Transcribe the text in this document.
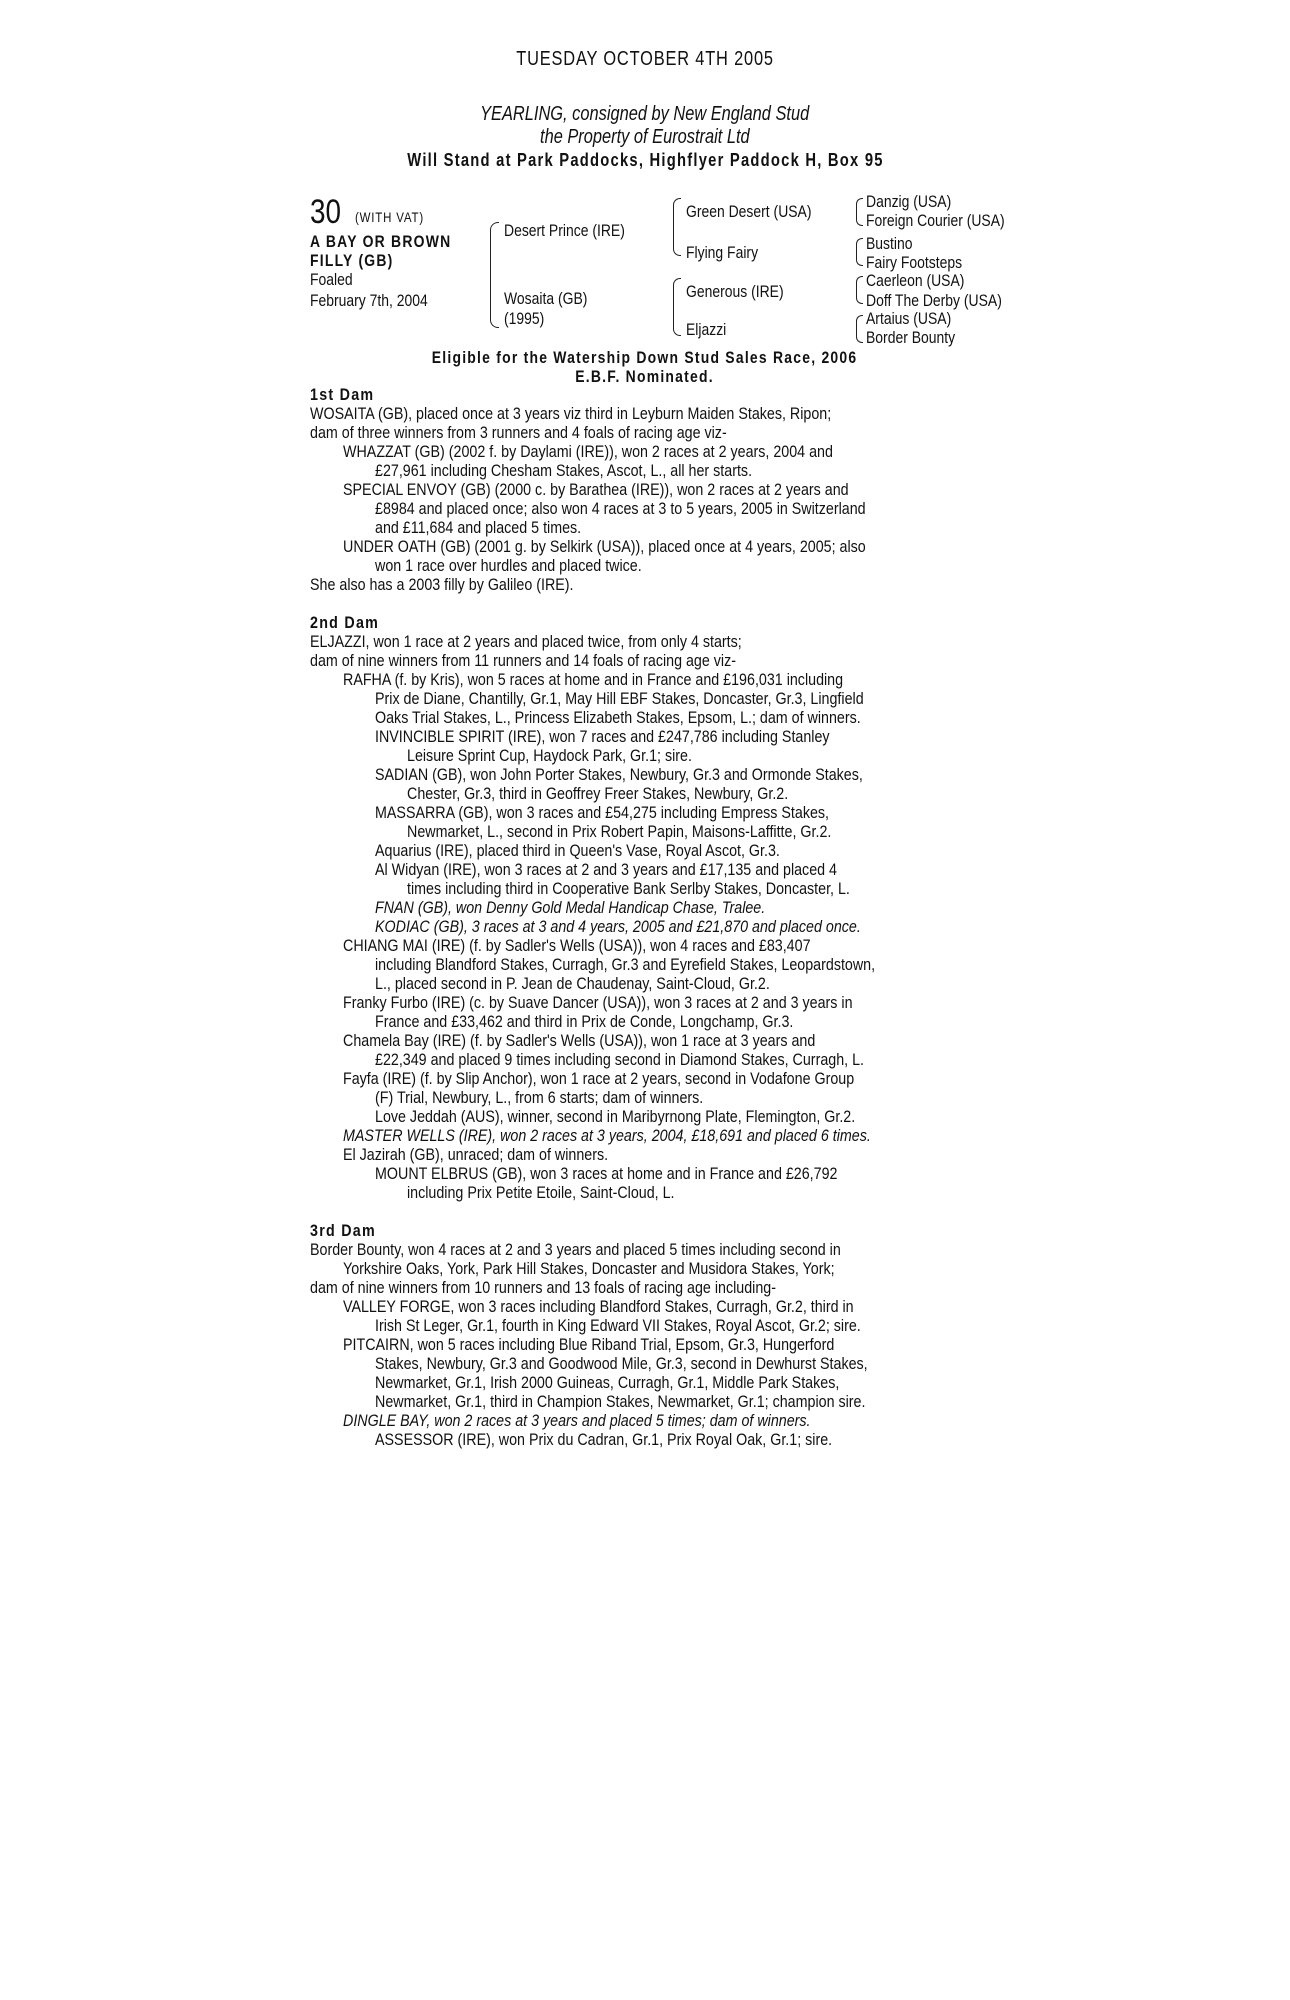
TUESDAY OCTOBER 4TH 2005
YEARLING, consigned by New England Stud
the Property of Eurostrait Ltd
Will Stand at Park Paddocks, Highflyer Paddock H, Box 95
30 (WITH VAT)
A BAY OR BROWN
FILLY (GB)
Foaled
February 7th, 2004
Desert Prince (IRE)
Wosaita (GB)
(1995)
Green Desert (USA)
Flying Fairy
Generous (IRE)
Eljazzi
Danzig (USA)
Foreign Courier (USA)
Bustino
Fairy Footsteps
Caerleon (USA)
Doff The Derby (USA)
Artaius (USA)
Border Bounty
Eligible for the Watership Down Stud Sales Race, 2006
E.B.F. Nominated.
1st Dam
WOSAITA (GB), placed once at 3 years viz third in Leyburn Maiden Stakes, Ripon;
dam of three winners from 3 runners and 4 foals of racing age viz-
WHAZZAT (GB) (2002 f. by Daylami (IRE)), won 2 races at 2 years, 2004 and
£27,961 including Chesham Stakes, Ascot, L., all her starts.
SPECIAL ENVOY (GB) (2000 c. by Barathea (IRE)), won 2 races at 2 years and
£8984 and placed once; also won 4 races at 3 to 5 years, 2005 in Switzerland
and £11,684 and placed 5 times.
UNDER OATH (GB) (2001 g. by Selkirk (USA)), placed once at 4 years, 2005; also
won 1 race over hurdles and placed twice.
She also has a 2003 filly by Galileo (IRE).
2nd Dam
ELJAZZI, won 1 race at 2 years and placed twice, from only 4 starts;
dam of nine winners from 11 runners and 14 foals of racing age viz-
RAFHA (f. by Kris), won 5 races at home and in France and £196,031 including
Prix de Diane, Chantilly, Gr.1, May Hill EBF Stakes, Doncaster, Gr.3, Lingfield
Oaks Trial Stakes, L., Princess Elizabeth Stakes, Epsom, L.; dam of winners.
INVINCIBLE SPIRIT (IRE), won 7 races and £247,786 including Stanley
Leisure Sprint Cup, Haydock Park, Gr.1; sire.
SADIAN (GB), won John Porter Stakes, Newbury, Gr.3 and Ormonde Stakes,
Chester, Gr.3, third in Geoffrey Freer Stakes, Newbury, Gr.2.
MASSARRA (GB), won 3 races and £54,275 including Empress Stakes,
Newmarket, L., second in Prix Robert Papin, Maisons-Laffitte, Gr.2.
Aquarius (IRE), placed third in Queen's Vase, Royal Ascot, Gr.3.
Al Widyan (IRE), won 3 races at 2 and 3 years and £17,135 and placed 4
times including third in Cooperative Bank Serlby Stakes, Doncaster, L.
FNAN (GB), won Denny Gold Medal Handicap Chase, Tralee.
KODIAC (GB), 3 races at 3 and 4 years, 2005 and £21,870 and placed once.
CHIANG MAI (IRE) (f. by Sadler's Wells (USA)), won 4 races and £83,407
including Blandford Stakes, Curragh, Gr.3 and Eyrefield Stakes, Leopardstown,
L., placed second in P. Jean de Chaudenay, Saint-Cloud, Gr.2.
Franky Furbo (IRE) (c. by Suave Dancer (USA)), won 3 races at 2 and 3 years in
France and £33,462 and third in Prix de Conde, Longchamp, Gr.3.
Chamela Bay (IRE) (f. by Sadler's Wells (USA)), won 1 race at 3 years and
£22,349 and placed 9 times including second in Diamond Stakes, Curragh, L.
Fayfa (IRE) (f. by Slip Anchor), won 1 race at 2 years, second in Vodafone Group
(F) Trial, Newbury, L., from 6 starts; dam of winners.
Love Jeddah (AUS), winner, second in Maribyrnong Plate, Flemington, Gr.2.
MASTER WELLS (IRE), won 2 races at 3 years, 2004, £18,691 and placed 6 times.
El Jazirah (GB), unraced; dam of winners.
MOUNT ELBRUS (GB), won 3 races at home and in France and £26,792
including Prix Petite Etoile, Saint-Cloud, L.
3rd Dam
Border Bounty, won 4 races at 2 and 3 years and placed 5 times including second in
Yorkshire Oaks, York, Park Hill Stakes, Doncaster and Musidora Stakes, York;
dam of nine winners from 10 runners and 13 foals of racing age including-
VALLEY FORGE, won 3 races including Blandford Stakes, Curragh, Gr.2, third in
Irish St Leger, Gr.1, fourth in King Edward VII Stakes, Royal Ascot, Gr.2; sire.
PITCAIRN, won 5 races including Blue Riband Trial, Epsom, Gr.3, Hungerford
Stakes, Newbury, Gr.3 and Goodwood Mile, Gr.3, second in Dewhurst Stakes,
Newmarket, Gr.1, Irish 2000 Guineas, Curragh, Gr.1, Middle Park Stakes,
Newmarket, Gr.1, third in Champion Stakes, Newmarket, Gr.1; champion sire.
DINGLE BAY, won 2 races at 3 years and placed 5 times; dam of winners.
ASSESSOR (IRE), won Prix du Cadran, Gr.1, Prix Royal Oak, Gr.1; sire.
